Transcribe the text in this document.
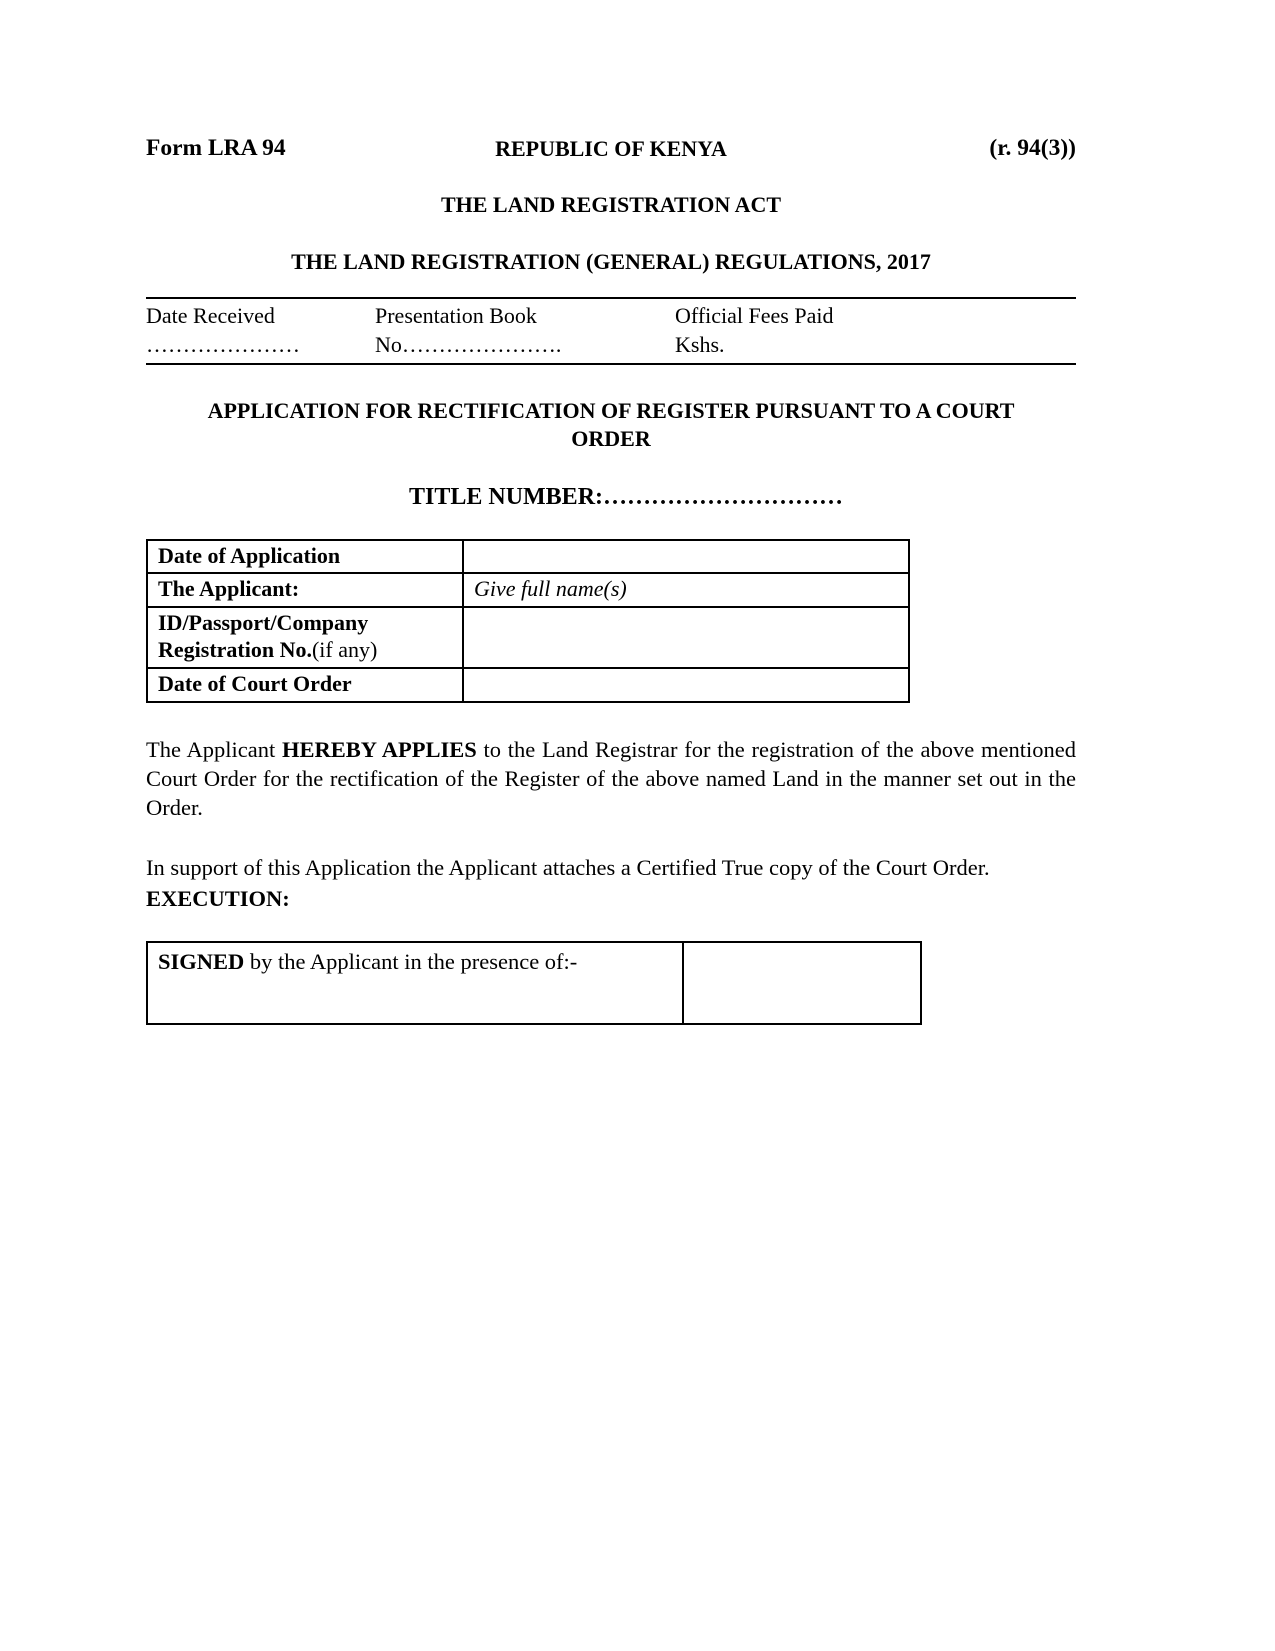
Form LRA 94	(r. 94(3))
REPUBLIC OF KENYA
THE LAND REGISTRATION ACT
THE LAND REGISTRATION (GENERAL) REGULATIONS, 2017
Date Received	Presentation Book	Official Fees Paid
…………………	No………………….	Kshs.
APPLICATION FOR RECTIFICATION OF REGISTER PURSUANT TO A COURT ORDER
TITLE NUMBER:…………………………
Date of Application	
The Applicant:	Give full name(s)
ID/Passport/Company
Registration No.(if any)	
Date of Court Order	

The Applicant HEREBY APPLIES to the Land Registrar for the registration of the above mentioned Court Order for the rectification of the Register of the above named Land in the manner set out in the Order.

In support of this Application the Applicant attaches a Certified True copy of the Court Order.

EXECUTION:
SIGNED by the Applicant in the presence of:-	
